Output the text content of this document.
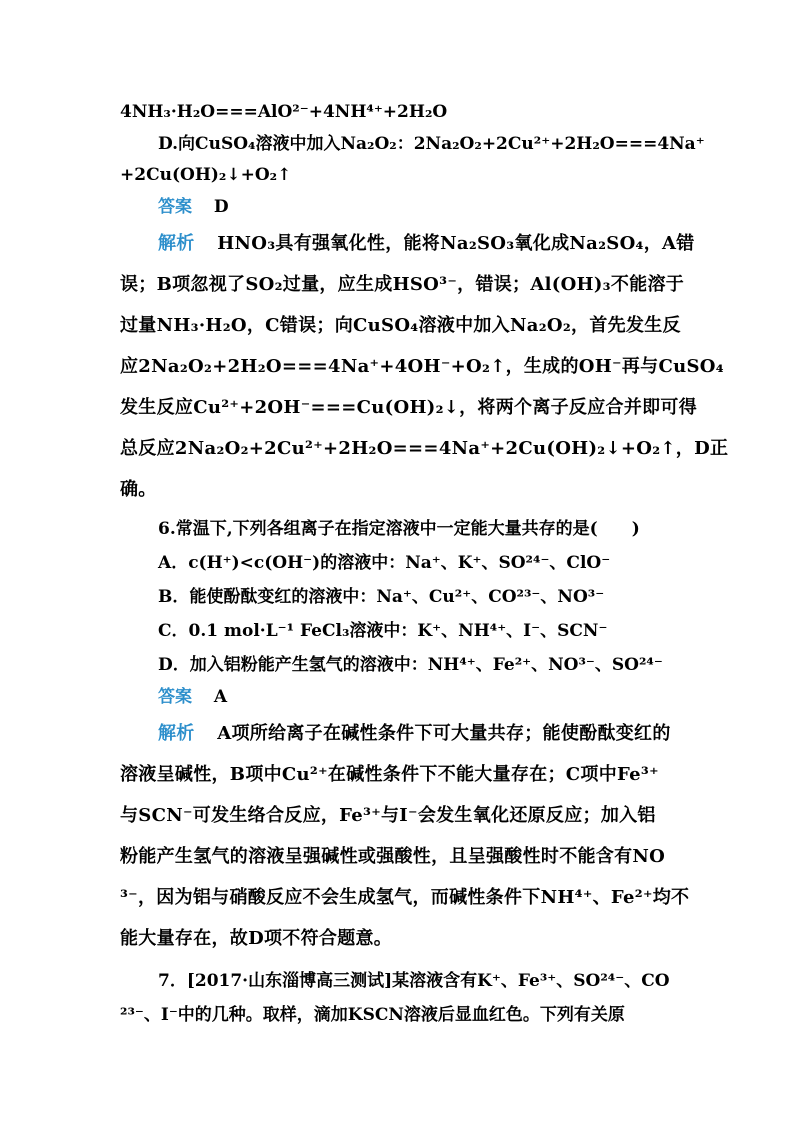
4NH₃·H₂O===AlO²⁻+4NH⁴⁺+2H₂O
D.向CuSO₄溶液中加入Na₂O₂：2Na₂O₂+2Cu²⁺+2H₂O===4Na⁺
+2Cu(OH)₂↓+O₂↑
答案 D
解析 HNO₃具有强氧化性，能将Na₂SO₃氧化成Na₂SO₄，A错
误；B项忽视了SO₂过量，应生成HSO³⁻，错误；Al(OH)₃不能溶于
过量NH₃·H₂O，C错误；向CuSO₄溶液中加入Na₂O₂，首先发生反
应2Na₂O₂+2H₂O===4Na⁺+4OH⁻+O₂↑，生成的OH⁻再与CuSO₄
发生反应Cu²⁺+2OH⁻===Cu(OH)₂↓，将两个离子反应合并即可得
总反应2Na₂O₂+2Cu²⁺+2H₂O===4Na⁺+2Cu(OH)₂↓+O₂↑，D正
确。
6.常温下,下列各组离子在指定溶液中一定能大量共存的是(　　)
A．c(H⁺)<c(OH⁻)的溶液中：Na⁺、K⁺、SO²⁴⁻、ClO⁻
B．能使酚酞变红的溶液中：Na⁺、Cu²⁺、CO²³⁻、NO³⁻
C．0.1 mol·L⁻¹ FeCl₃溶液中：K⁺、NH⁴⁺、I⁻、SCN⁻
D．加入铝粉能产生氢气的溶液中：NH⁴⁺、Fe²⁺、NO³⁻、SO²⁴⁻
答案 A
解析 A项所给离子在碱性条件下可大量共存；能使酚酞变红的
溶液呈碱性，B项中Cu²⁺在碱性条件下不能大量存在；C项中Fe³⁺
与SCN⁻可发生络合反应，Fe³⁺与I⁻会发生氧化还原反应；加入铝
粉能产生氢气的溶液呈强碱性或强酸性，且呈强酸性时不能含有NO
³⁻，因为铝与硝酸反应不会生成氢气，而碱性条件下NH⁴⁺、Fe²⁺均不
能大量存在，故D项不符合题意。
7．[2017·山东淄博高三测试]某溶液含有K⁺、Fe³⁺、SO²⁴⁻、CO
²³⁻、I⁻中的几种。取样，滴加KSCN溶液后显血红色。下列有关原
